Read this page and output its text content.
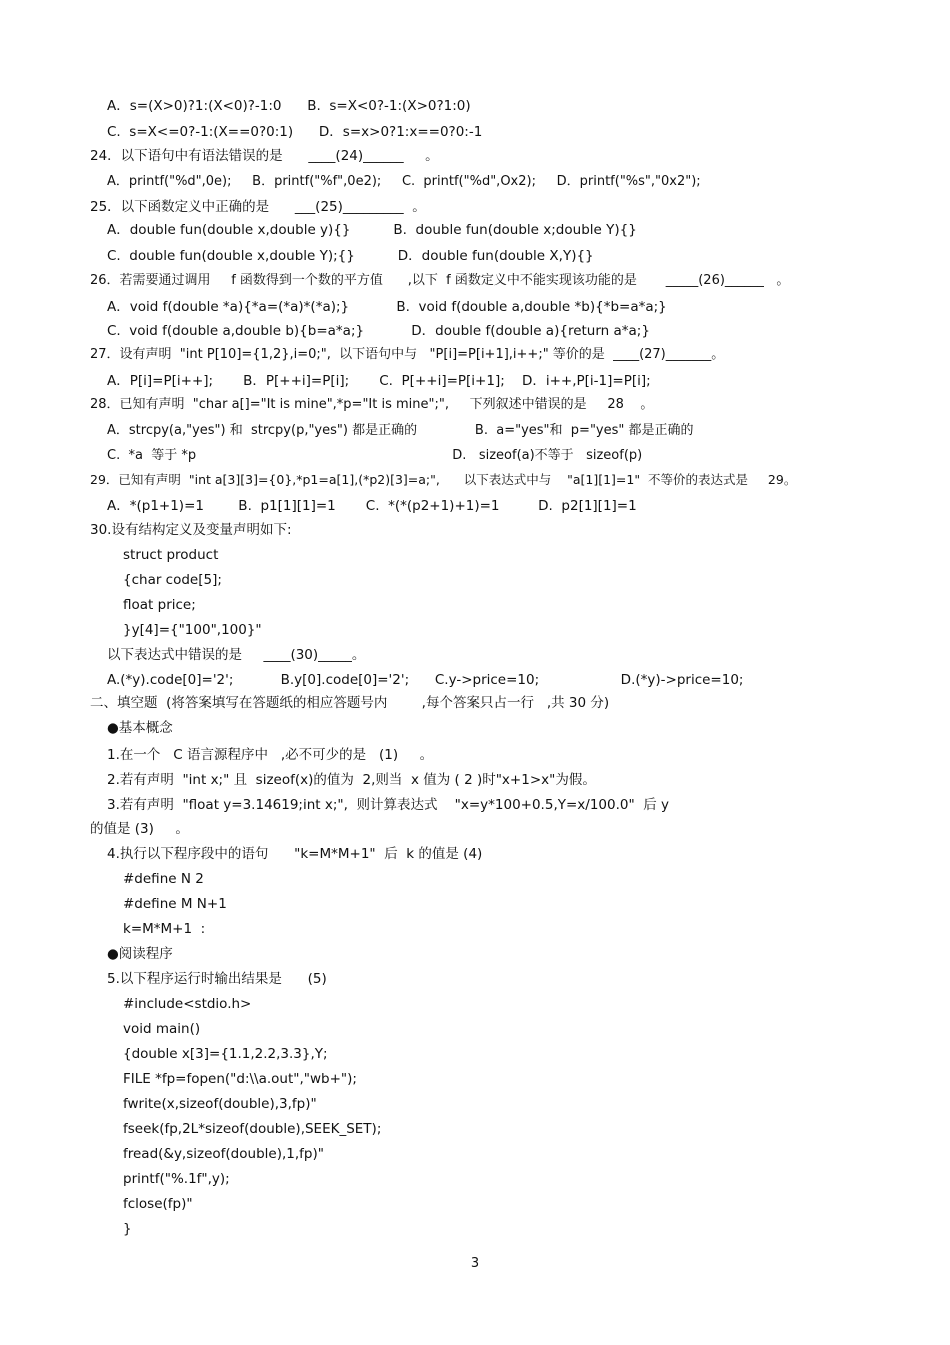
A．s=(X>0)?1:(X<0)?-1:0      B.  s=X<0?-1:(X>0?1:0)
C.  s=X<=0?-1:(X==0?0:1)      D．s=x>0?1:x==0?0:-1
24．以下语句中有语法错误的是      ____(24)______     。
A．printf("%d",0e);     B．printf("%f",0e2);     C.  printf("%d",Ox2);     D．printf("%s","0x2");
25．以下函数定义中正确的是      ___(25)_________  。
A．double fun(double x,double y){}          B.  double fun(double x;double Y){}
C.  double fun(double x,double Y);{}          D．double fun(double X,Y){}
26．若需要通过调用     f 函数得到一个数的平方值      ,以下  f 函数定义中不能实现该功能的是       _____(26)______   。
A．void f(double *a){*a=(*a)*(*a);}           B.  void f(double a,double *b){*b=a*a;}
C.  void f(double a,double b){b=a*a;}           D．double f(double a){return a*a;}
27．设有声明  "int P[10]={1,2},i=0;",  以下语句中与   "P[i]=P[i+1],i++;" 等价的是  ____(27)_______。
A．P[i]=P[i++];       B．P[++i]=P[i];       C.  P[++i]=P[i+1];    D．i++,P[i-1]=P[i];
28．已知有声明  "char a[]="It is mine",*p="It is mine";",     下列叙述中错误的是     28    。
A．strcpy(a,"yes") 和  strcpy(p,"yes") 都是正确的              B.  a="yes"和  p="yes" 都是正确的
C.  *a  等于 *p                                                              D.   sizeof(a)不等于   sizeof(p)
29．已知有声明  "int a[3][3]={0},*p1=a[1],(*p2)[3]=a;",      以下表达式中与    "a[1][1]=1"  不等价的表达式是     29。
A．*(p1+1)=1        B.  p1[1][1]=1       C.  *(*(p2+1)+1)=1         D.  p2[1][1]=1
30.设有结构定义及变量声明如下:
struct product
{char code[5];
float price;
}y[4]={"100",100}"
以下表达式中错误的是     ____(30)_____。
A.(*y).code[0]='2';           B.y[0].code[0]='2';      C.y->price=10;                   D.(*y)->price=10;
二、填空题  (将答案填写在答题纸的相应答题号内        ,每个答案只占一行   ,共 30 分)
●基本概念
1.在一个   C 语言源程序中   ,必不可少的是   (1)     。
2.若有声明  "int x;" 且  sizeof(x)的值为  2,则当  x 值为 ( 2 )时"x+1>x"为假。
3.若有声明  "float y=3.14619;int x;",  则计算表达式    "x=y*100+0.5,Y=x/100.0"  后 y
的值是 (3)     。
4.执行以下程序段中的语句      "k=M*M+1"  后  k 的值是 (4)
#define N 2
#define M N+1
k=M*M+1  :
●阅读程序
5.以下程序运行时输出结果是      (5)
#include<stdio.h>
void main()
{double x[3]={1.1,2.2,3.3},Y;
FILE *fp=fopen("d:\\a.out","wb+");
fwrite(x,sizeof(double),3,fp)"
fseek(fp,2L*sizeof(double),SEEK_SET);
fread(&y,sizeof(double),1,fp)"
printf("%.1f",y);
fclose(fp)"
}
3
